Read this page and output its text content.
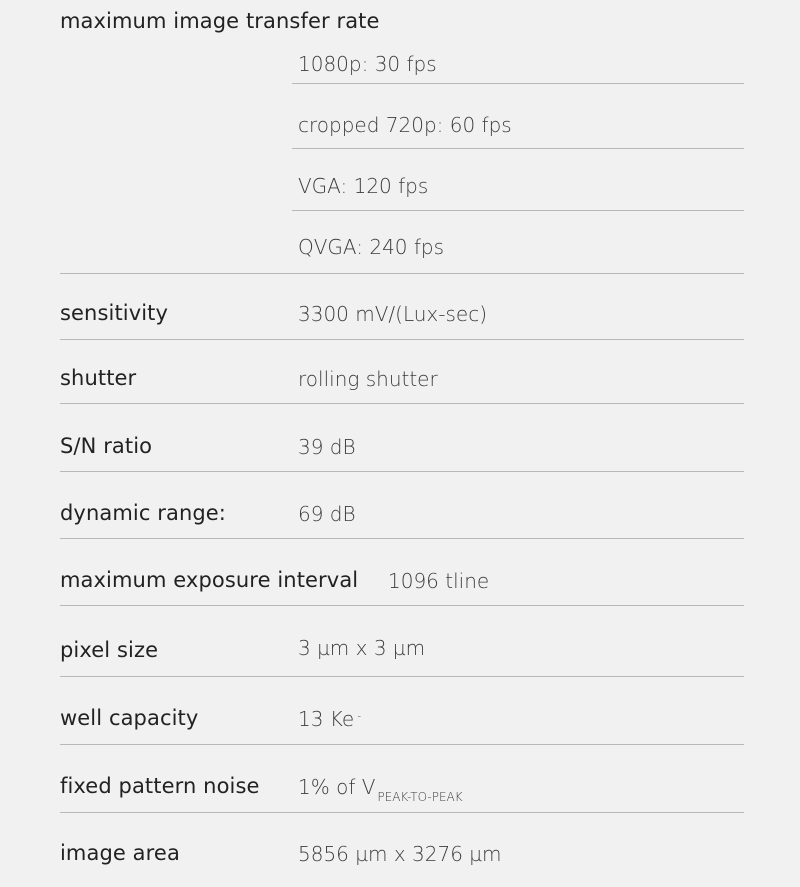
maximum image transfer rate
1080p: 30 fps
cropped 720p: 60 fps
VGA: 120 fps
QVGA: 240 fps
sensitivity	3300 mV/(Lux-sec)
shutter	rolling shutter
S/N ratio	39 dB
dynamic range:	69 dB
maximum exposure interval 1096 tline
pixel size	3 µm x 3 µm
well capacity	13 Ke -
fixed pattern noise 1% of V $_{PEAK-TO-PEAK}$
image area	5856 µm x 3276 µm
